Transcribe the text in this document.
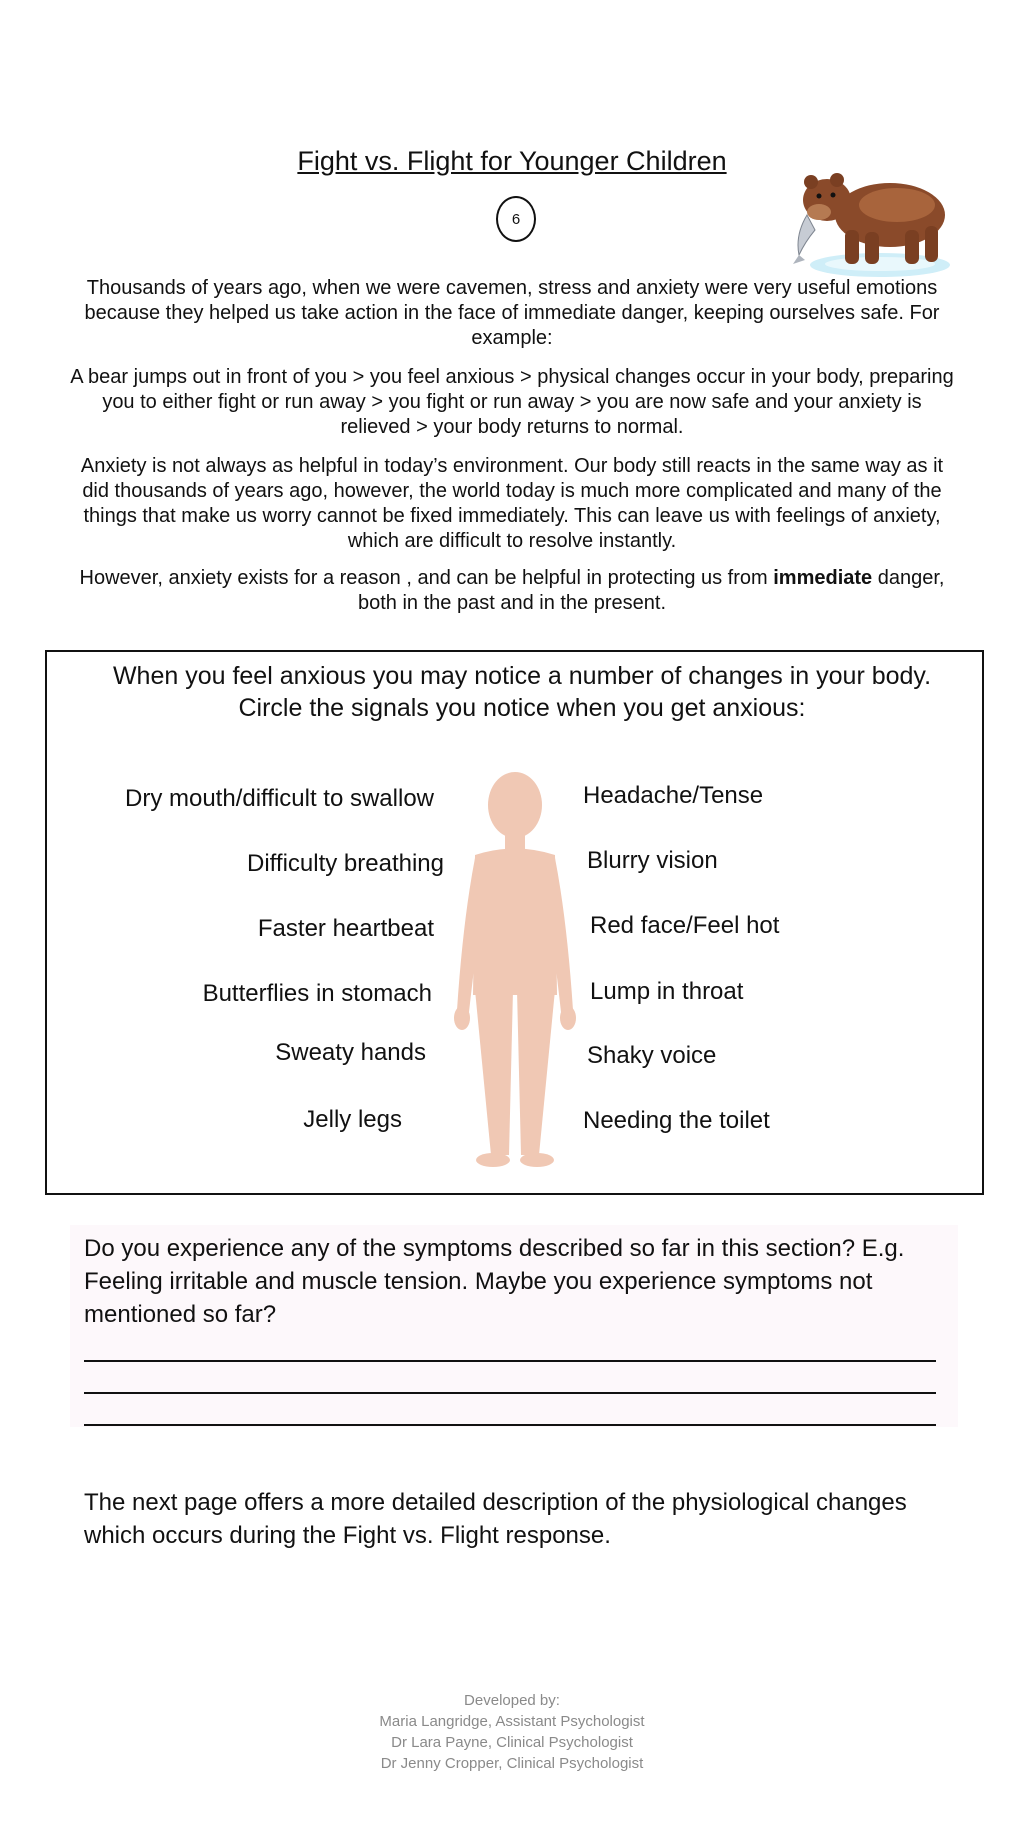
Fight vs. Flight for Younger Children
6
Thousands of years ago, when we were cavemen, stress and anxiety were very useful emotions because they helped us take action in the face of immediate danger, keeping ourselves safe. For example:
A bear jumps out in front of you > you feel anxious > physical changes occur in your body, preparing you to either fight or run away > you fight or run away > you are now safe and your anxiety is relieved > your body returns to normal.
Anxiety is not always as helpful in today’s environment. Our body still reacts in the same way as it did thousands of years ago, however, the world today is much more complicated and many of the things that make us worry cannot be fixed immediately. This can leave us with feelings of anxiety, which are difficult to resolve instantly.
However, anxiety exists for a reason , and can be helpful in protecting us from immediate danger, both in the past and in the present.
When you feel anxious you may notice a number of changes in your body.
Circle the signals you notice when you get anxious:
Dry mouth/difficult to swallow
Difficulty breathing
Faster heartbeat
Butterflies in stomach
Sweaty hands
Jelly legs
Headache/Tense
Blurry vision
Red face/Feel hot
Lump in throat
Shaky voice
Needing the toilet
Do you experience any of the symptoms described so far in this section? E.g. Feeling irritable and muscle tension. Maybe you experience symptoms not mentioned so far?
The next page offers a more detailed description of the physiological changes which occurs during the Fight vs. Flight response.
Developed by:
Maria Langridge, Assistant Psychologist
Dr Lara Payne, Clinical Psychologist
Dr Jenny Cropper, Clinical Psychologist
